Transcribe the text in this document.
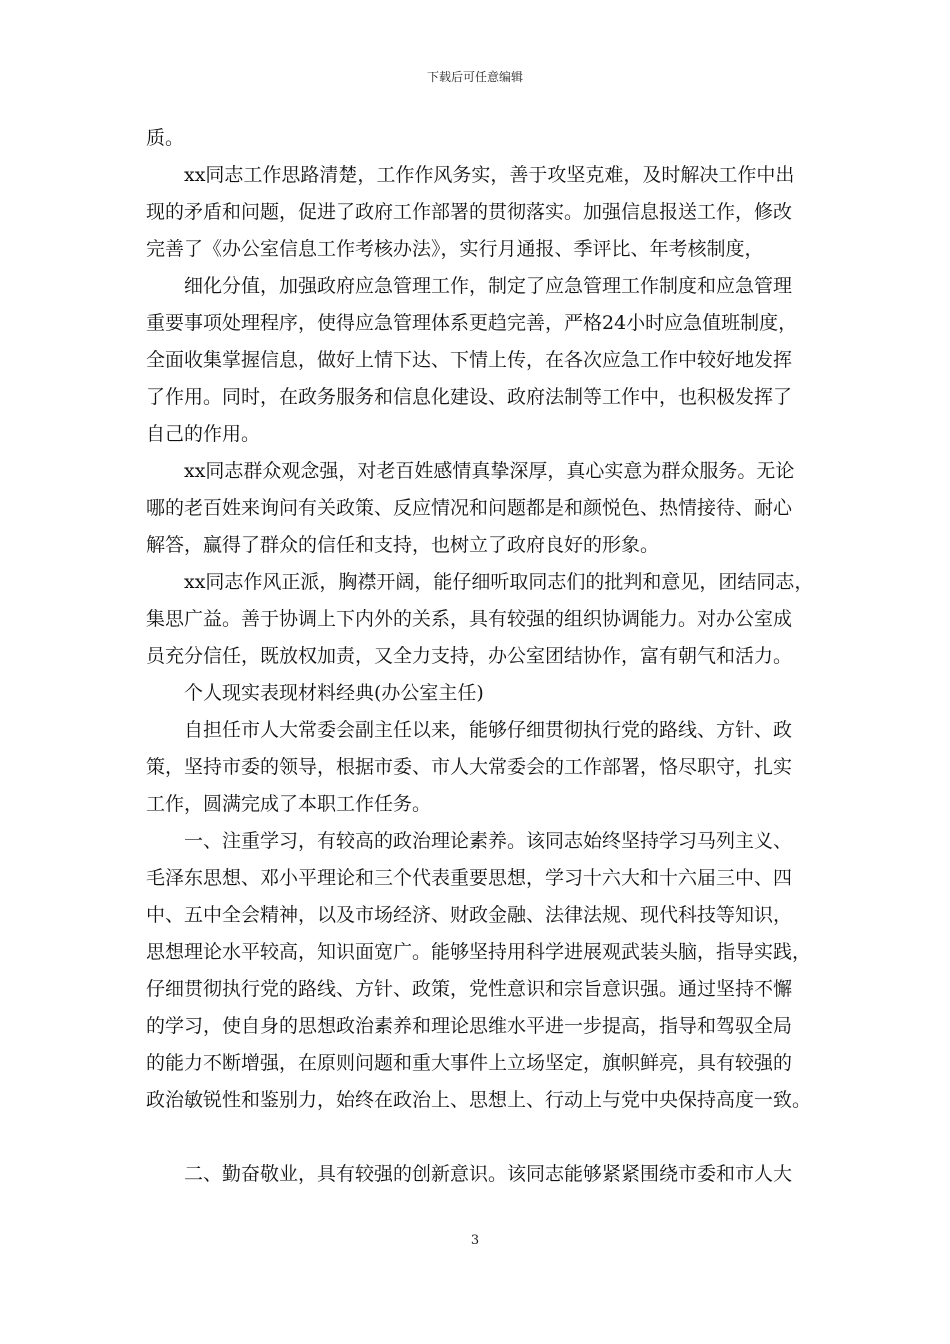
下载后可任意编辑
质。
xx同志工作思路清楚，工作作风务实，善于攻坚克难，及时解决工作中出
现的矛盾和问题，促进了政府工作部署的贯彻落实。加强信息报送工作，修改
完善了《办公室信息工作考核办法》，实行月通报、季评比、年考核制度，
细化分值，加强政府应急管理工作，制定了应急管理工作制度和应急管理
重要事项处理程序，使得应急管理体系更趋完善，严格24小时应急值班制度，
全面收集掌握信息，做好上情下达、下情上传，在各次应急工作中较好地发挥
了作用。同时，在政务服务和信息化建设、政府法制等工作中，也积极发挥了
自己的作用。
xx同志群众观念强，对老百姓感情真挚深厚，真心实意为群众服务。无论
哪的老百姓来询问有关政策、反应情况和问题都是和颜悦色、热情接待、耐心
解答，赢得了群众的信任和支持，也树立了政府良好的形象。
xx同志作风正派，胸襟开阔，能仔细听取同志们的批判和意见，团结同志，
集思广益。善于协调上下内外的关系，具有较强的组织协调能力。对办公室成
员充分信任，既放权加责，又全力支持，办公室团结协作，富有朝气和活力。
个人现实表现材料经典(办公室主任)
自担任市人大常委会副主任以来，能够仔细贯彻执行党的路线、方针、政
策，坚持市委的领导，根据市委、市人大常委会的工作部署，恪尽职守，扎实
工作，圆满完成了本职工作任务。
一、注重学习，有较高的政治理论素养。该同志始终坚持学习马列主义、
毛泽东思想、邓小平理论和三个代表重要思想，学习十六大和十六届三中、四
中、五中全会精神，以及市场经济、财政金融、法律法规、现代科技等知识，
思想理论水平较高，知识面宽广。能够坚持用科学进展观武装头脑，指导实践，
仔细贯彻执行党的路线、方针、政策，党性意识和宗旨意识强。通过坚持不懈
的学习，使自身的思想政治素养和理论思维水平进一步提高，指导和驾驭全局
的能力不断增强，在原则问题和重大事件上立场坚定，旗帜鲜亮，具有较强的
政治敏锐性和鉴别力，始终在政治上、思想上、行动上与党中央保持高度一致。
二、勤奋敬业，具有较强的创新意识。该同志能够紧紧围绕市委和市人大
3
